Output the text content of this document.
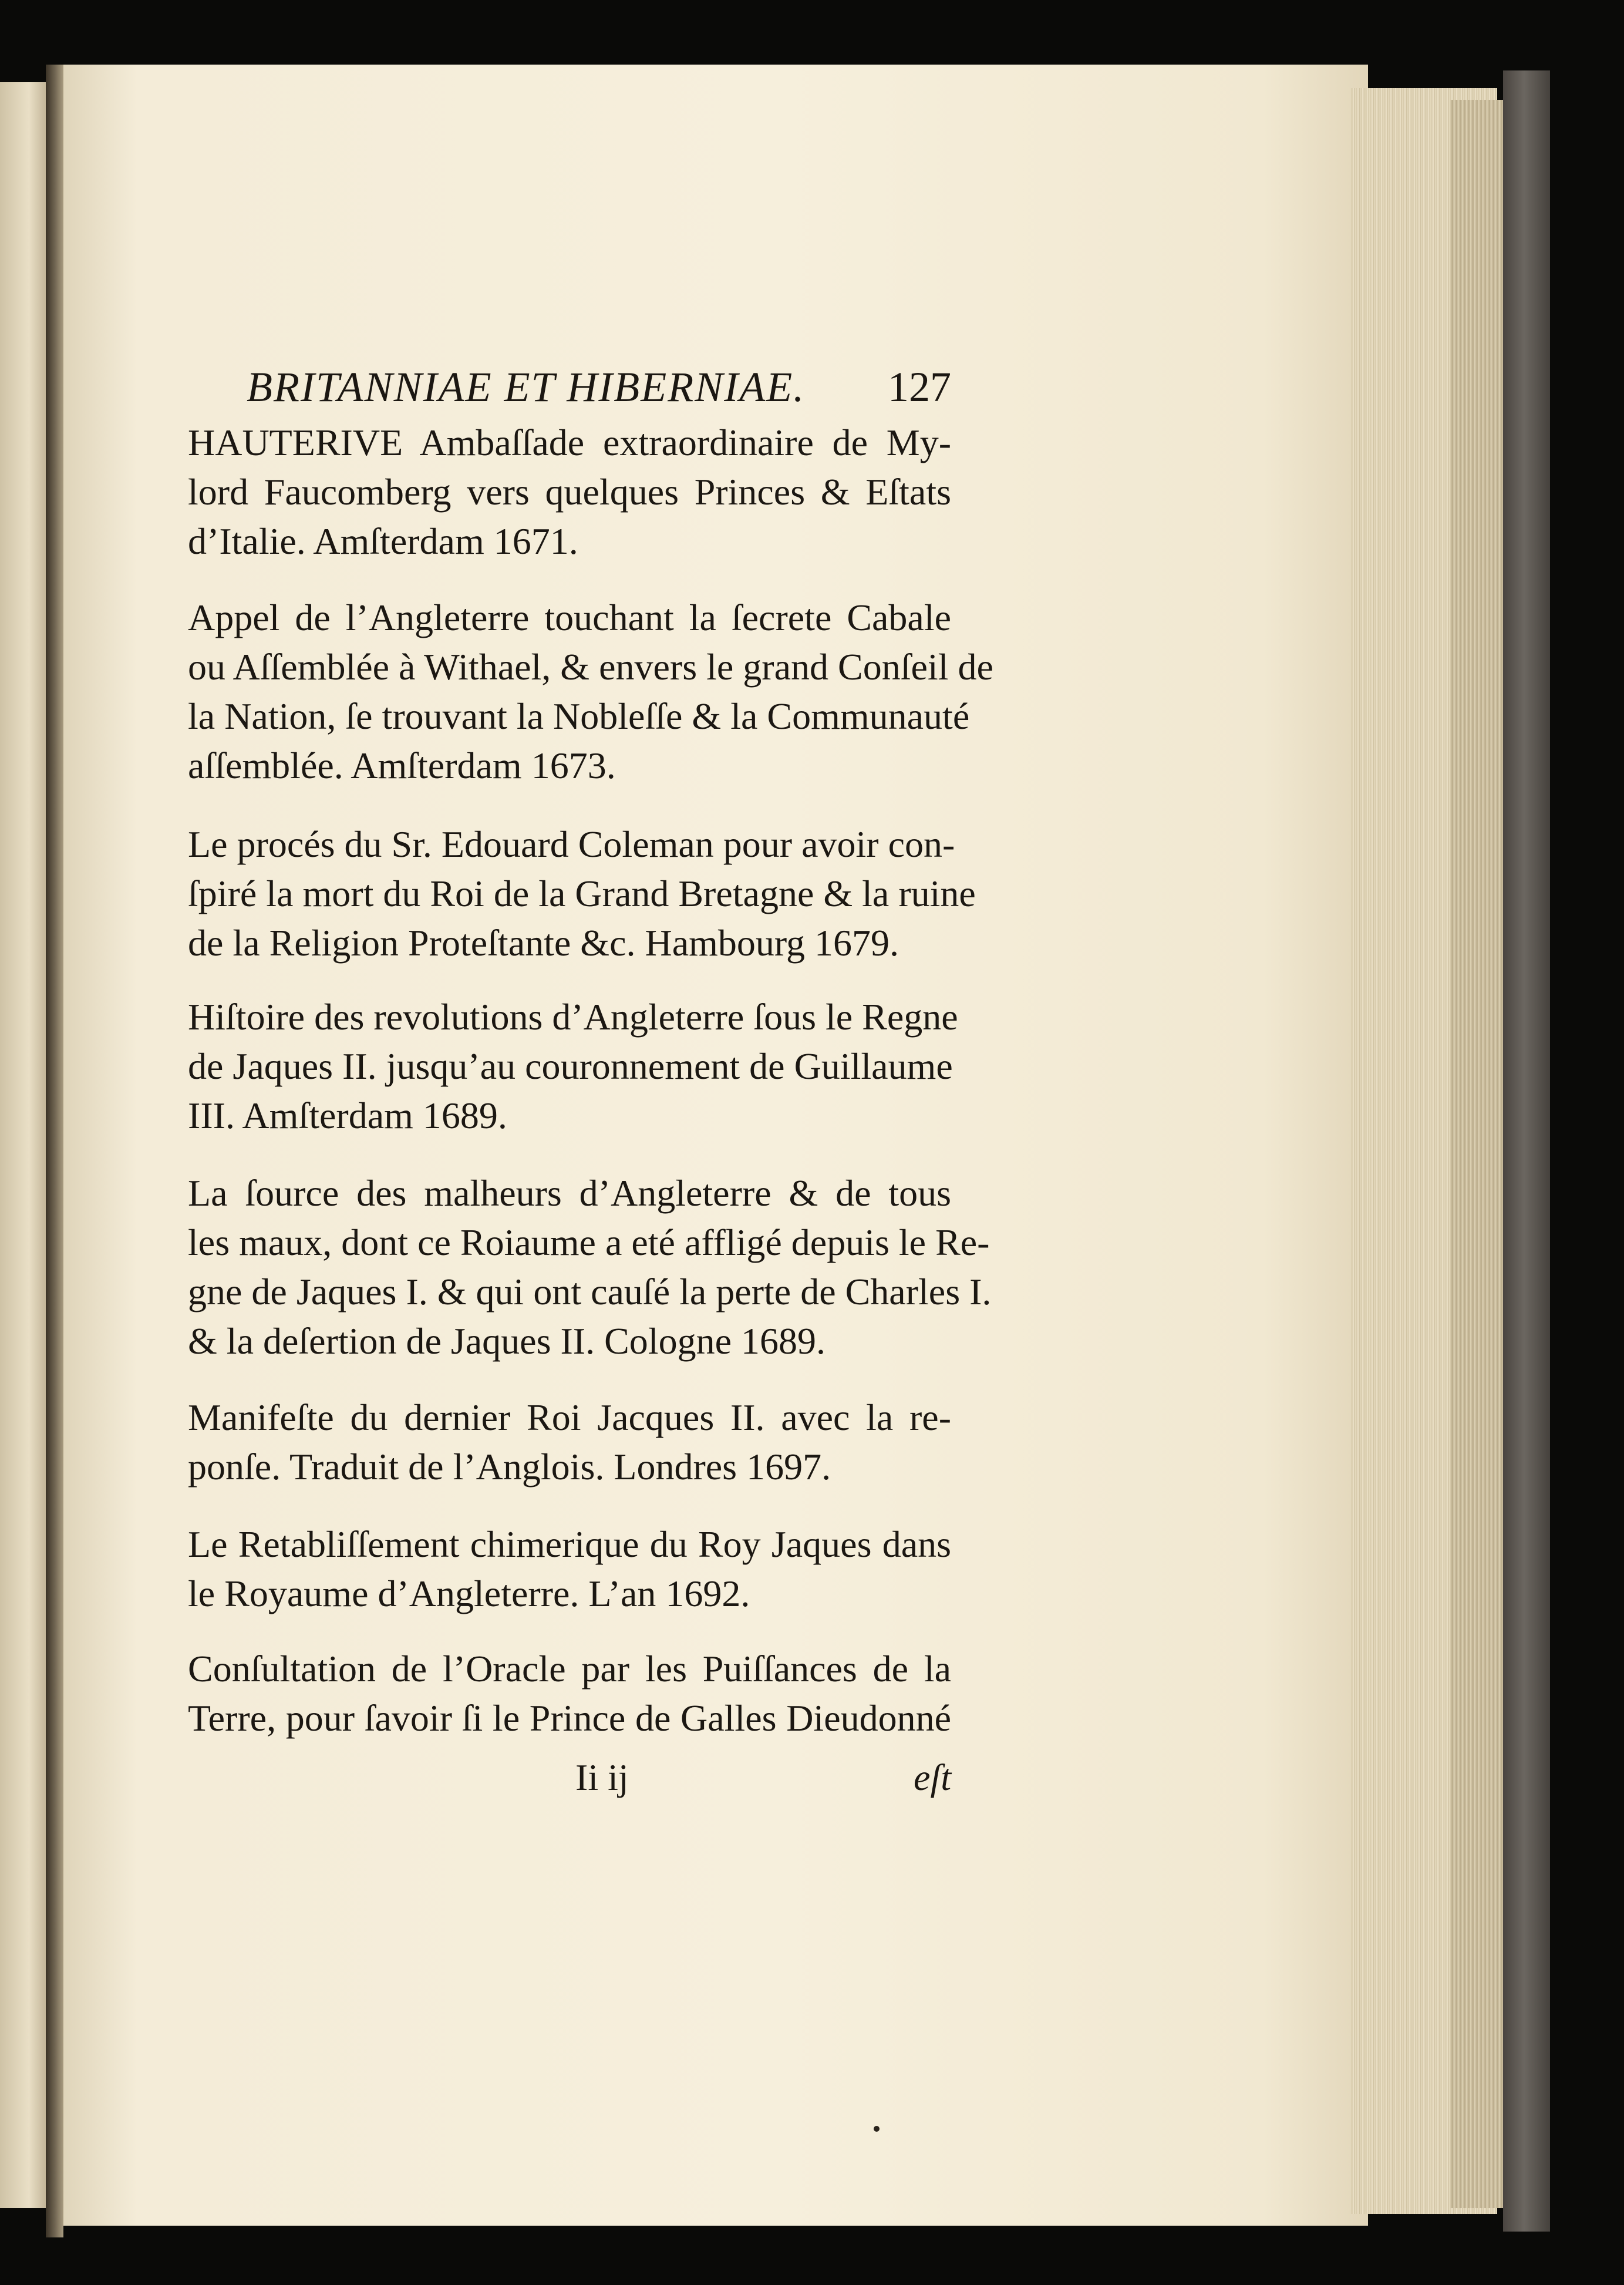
BRITANNIAE ET HIBERNIAE. 127
HAUTERIVE Ambaſſade extraordinaire de My-
lord Faucomberg vers quelques Princes & Eſtats
d’Italie. Amſterdam 1671.
Appel de l’Angleterre touchant la ſecrete Cabale
ou Aſſemblée à Withael, & envers le grand Conſeil de
la Nation, ſe trouvant la Nobleſſe & la Communauté
aſſemblée. Amſterdam 1673.
Le procés du Sr. Edouard Coleman pour avoir con-
ſpiré la mort du Roi de la Grand Bretagne & la ruine
de la Religion Proteſtante &c. Hambourg 1679.
Hiſtoire des revolutions d’Angleterre ſous le Regne
de Jaques II. jusqu’au couronnement de Guillaume
III. Amſterdam 1689.
La ſource des malheurs d’Angleterre & de tous
les maux, dont ce Roiaume a eté affligé depuis le Re-
gne de Jaques I. & qui ont cauſé la perte de Charles I.
& la deſertion de Jaques II. Cologne 1689.
Manifeſte du dernier Roi Jacques II. avec la re-
ponſe. Traduit de l’Anglois. Londres 1697.
Le Retabliſſement chimerique du Roy Jaques dans
le Royaume d’Angleterre. L’an 1692.
Conſultation de l’Oracle par les Puiſſances de la
Terre, pour ſavoir ſi le Prince de Galles Dieudonné
Ii ij	eſt
